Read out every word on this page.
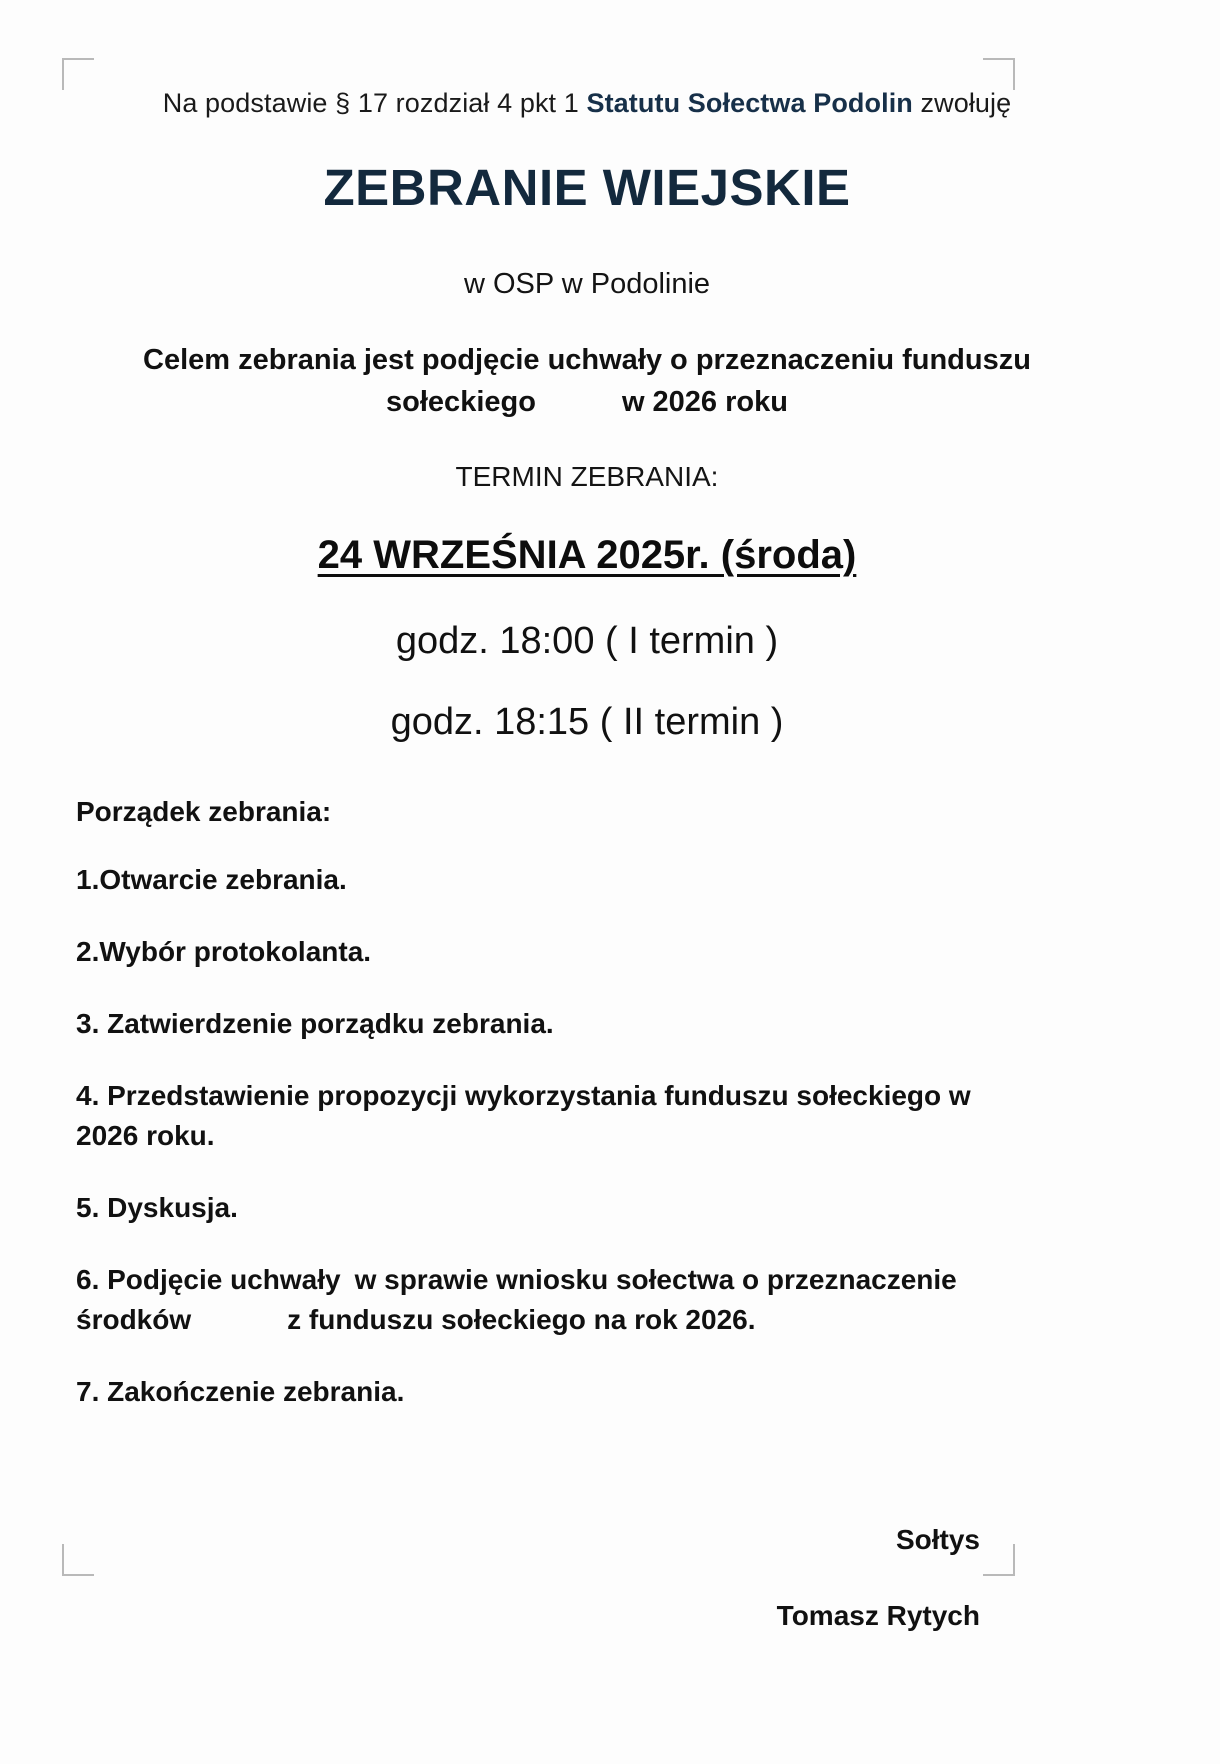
Na podstawie § 17 rozdział 4 pkt 1 Statutu Sołectwa Podolin zwołuję

ZEBRANIE WIEJSKIE

w OSP w Podolinie

Celem zebrania jest podjęcie uchwały o przeznaczeniu funduszu
sołeckiego	w 2026 roku

TERMIN ZEBRANIA:

24 WRZEŚNIA 2025r. (środa)

godz. 18:00 ( I termin )

godz. 18:15 ( II termin )

Porządek zebrania:

1.Otwarcie zebrania.

2.Wybór protokolanta.

3. Zatwierdzenie porządku zebrania.

4. Przedstawienie propozycji wykorzystania funduszu sołeckiego w 2026 roku.

5. Dyskusja.

6. Podjęcie uchwały w sprawie wniosku sołectwa o przeznaczenie środków	z funduszu sołeckiego na rok 2026.

7. Zakończenie zebrania.

Sołtys

Tomasz Rytych
